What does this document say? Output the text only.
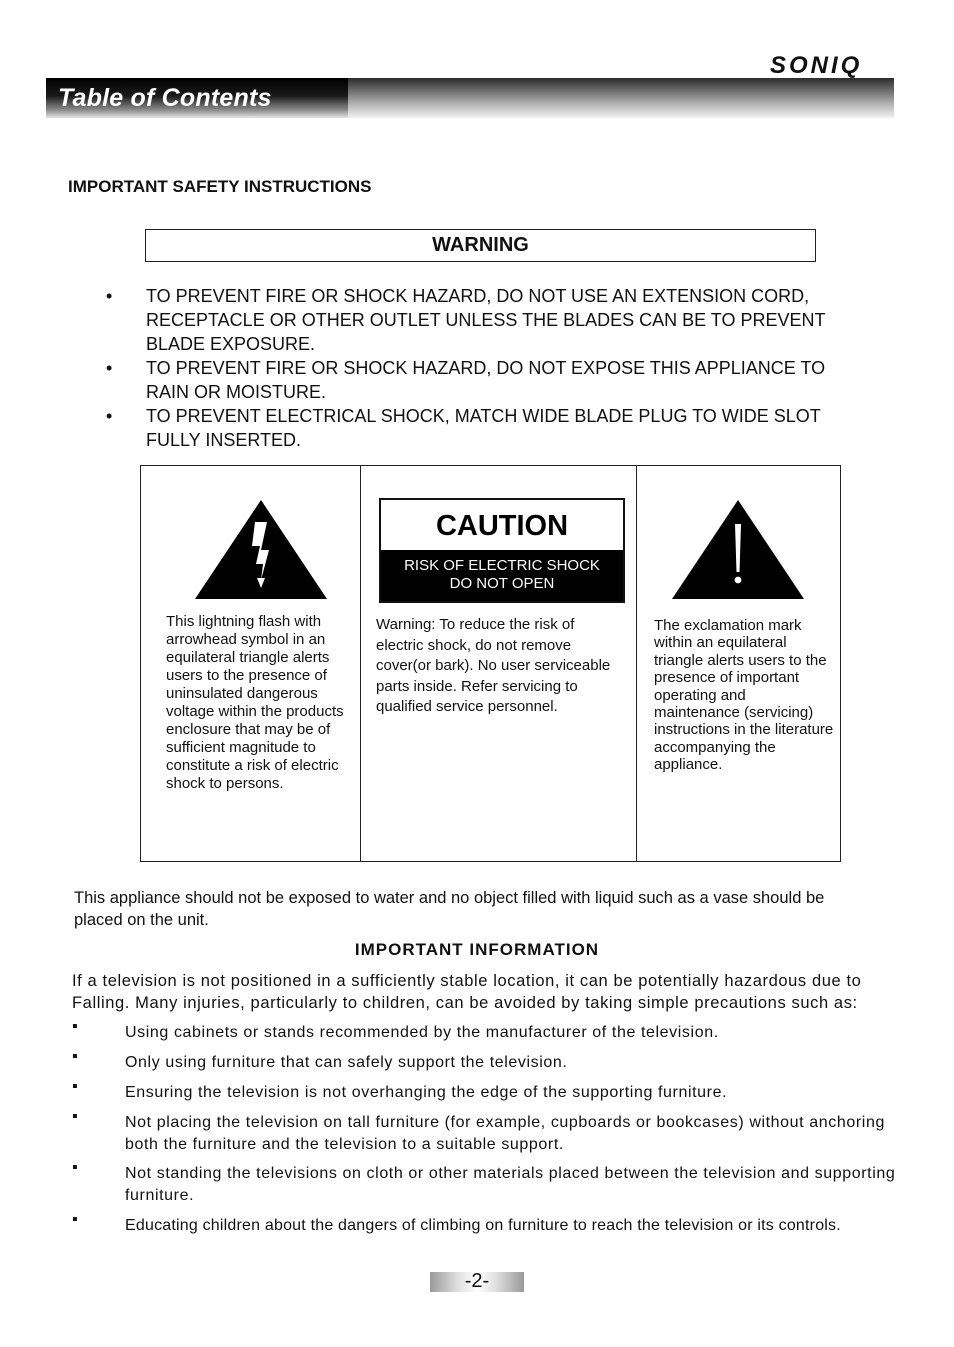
Table of Contents
SONIQ
IMPORTANT SAFETY INSTRUCTIONS
WARNING
• TO PREVENT FIRE OR SHOCK HAZARD, DO NOT USE AN EXTENSION CORD, RECEPTACLE OR OTHER OUTLET UNLESS THE BLADES CAN BE TO PREVENT BLADE EXPOSURE.
• TO PREVENT FIRE OR SHOCK HAZARD, DO NOT EXPOSE THIS APPLIANCE TO RAIN OR MOISTURE.
• TO PREVENT ELECTRICAL SHOCK, MATCH WIDE BLADE PLUG TO WIDE SLOT FULLY INSERTED.
This lightning flash with arrowhead symbol in an equilateral triangle alerts users to the presence of uninsulated dangerous voltage within the products enclosure that may be of sufficient magnitude to constitute a risk of electric shock to persons.
CAUTION
RISK OF ELECTRIC SHOCK
DO NOT OPEN
Warning: To reduce the risk of electric shock, do not remove cover(or bark). No user serviceable parts inside. Refer servicing to qualified service personnel.
The exclamation mark within an equilateral triangle alerts users to the presence of important operating and maintenance (servicing) instructions in the literature accompanying the appliance.
This appliance should not be exposed to water and no object filled with liquid such as a vase should be placed on the unit.
IMPORTANT INFORMATION
If a television is not positioned in a sufficiently stable location, it can be potentially hazardous due to Falling. Many injuries, particularly to children, can be avoided by taking simple precautions such as:
▪	Using cabinets or stands recommended by the manufacturer of the television.
▪	Only using furniture that can safely support the television.
▪	Ensuring the television is not overhanging the edge of the supporting furniture.
▪	Not placing the television on tall furniture (for example, cupboards or bookcases) without anchoring both the furniture and the television to a suitable support.
▪	Not standing the televisions on cloth or other materials placed between the television and supporting furniture.
▪	Educating children about the dangers of climbing on furniture to reach the television or its controls.
-2-
